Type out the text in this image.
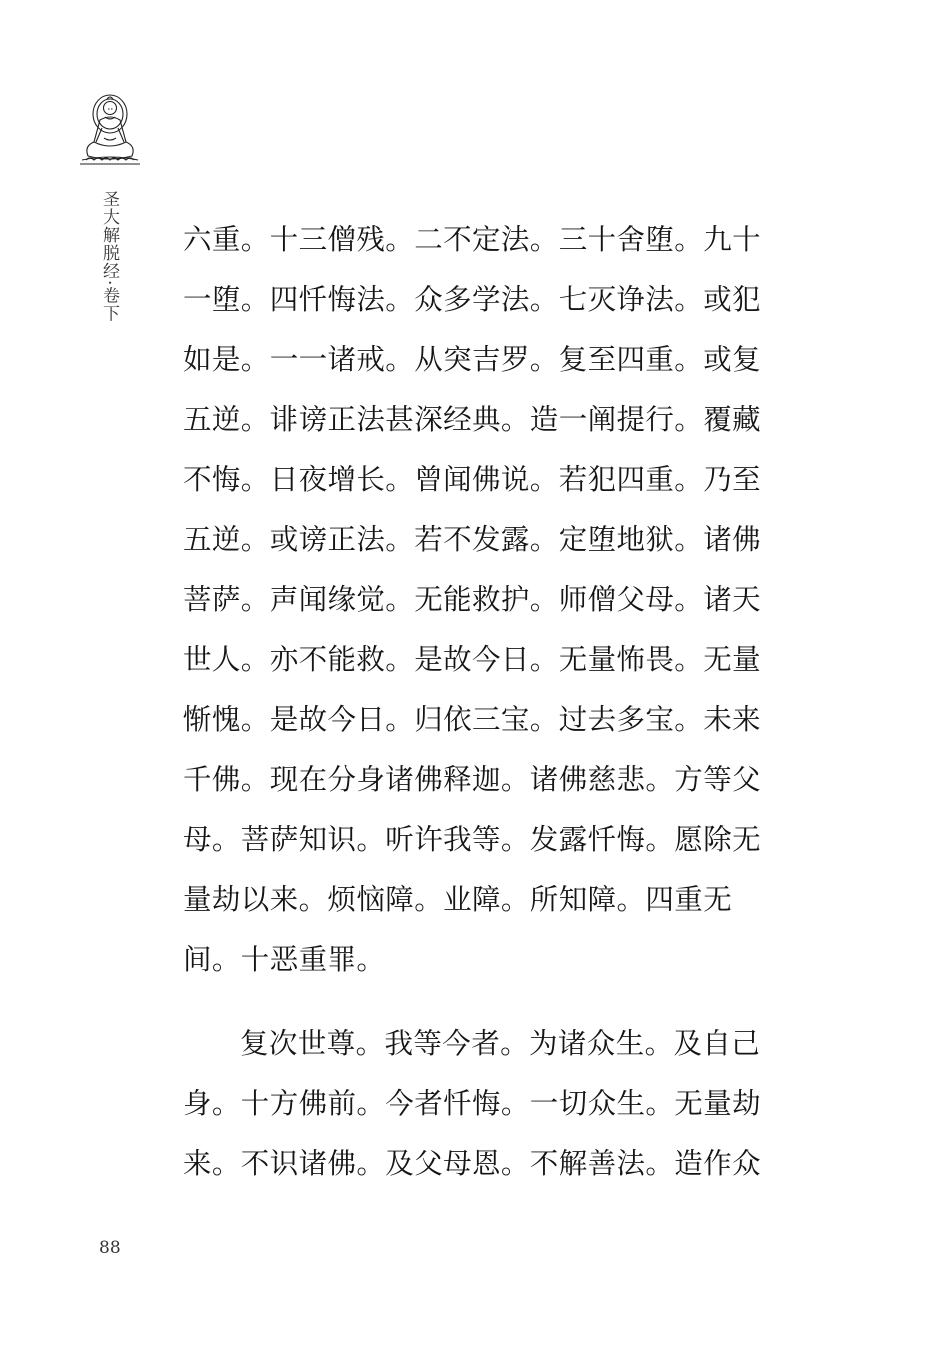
圣大解脱经·卷下 六重。十三僧残。二不定法。三十舍堕。九十一堕。四忏悔法。众多学法。七灭诤法。或犯如是。一一诸戒。从突吉罗。复至四重。或复五逆。诽谤正法甚深经典。造一阐提行。覆藏不悔。日夜增长。曾闻佛说。若犯四重。乃至五逆。或谤正法。若不发露。定堕地狱。诸佛菩萨。声闻缘觉。无能救护。师僧父母。诸天世人。亦不能救。是故今日。无量怖畏。无量惭愧。是故今日。归依三宝。过去多宝。未来千佛。现在分身诸佛释迦。诸佛慈悲。方等父母。菩萨知识。听许我等。发露忏悔。愿除无量劫以来。烦恼障。业障。所知障。四重无间。十恶重罪。

复次世尊。我等今者。为诸众生。及自己身。十方佛前。今者忏悔。一切众生。无量劫来。不识诸佛。及父母恩。不解善法。造作众

88
